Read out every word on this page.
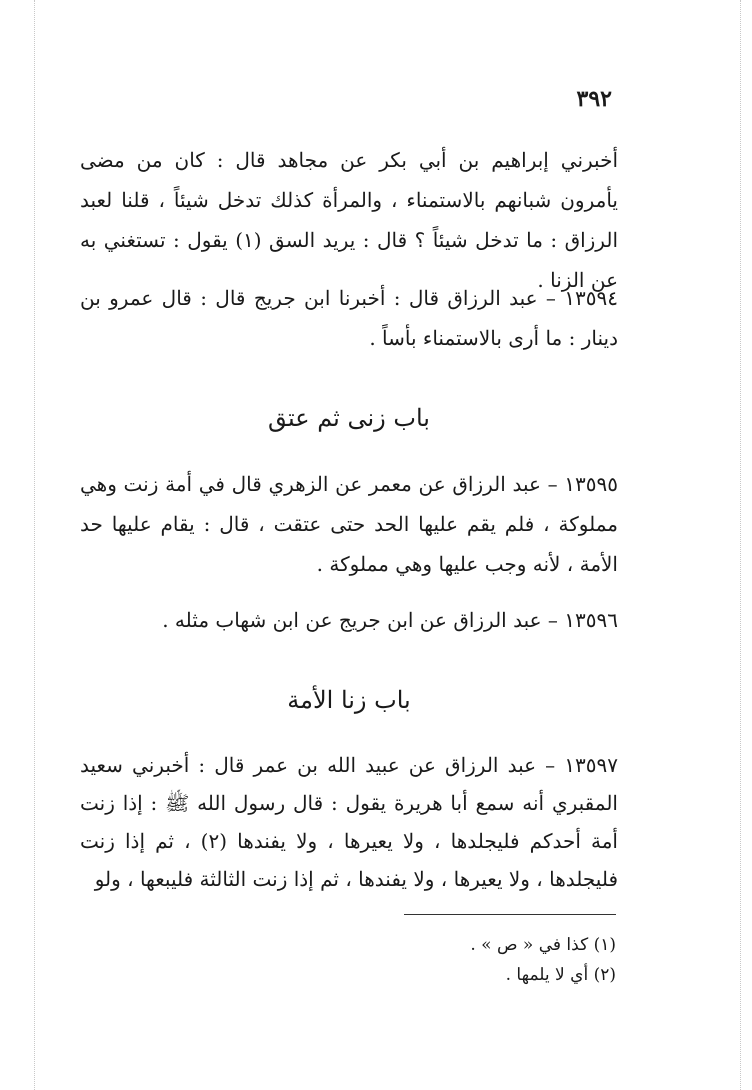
٣٩٢

أخبرني إبراهيم بن أبي بكر عن مجاهد قال : كان من مضى يأمرون شبانهم بالاستمناء ، والمرأة كذلك تدخل شيئاً ، قلنا لعبد الرزاق : ما تدخل شيئاً ؟ قال : يريد السق (١) يقول : تستغني به عن الزنا .

١٣٥٩٤ – عبد الرزاق قال : أخبرنا ابن جريج قال : قال عمرو بن دينار : ما أرى بالاستمناء بأساً .

باب زنى ثم عتق

١٣٥٩٥ – عبد الرزاق عن معمر عن الزهري قال في أمة زنت وهي مملوكة ، فلم يقم عليها الحد حتى عتقت ، قال : يقام عليها حد الأمة ، لأنه وجب عليها وهي مملوكة .

١٣٥٩٦ – عبد الرزاق عن ابن جريج عن ابن شهاب مثله .

باب زنا الأمة

١٣٥٩٧ – عبد الرزاق عن عبيد الله بن عمر قال : أخبرني سعيد المقبري أنه سمع أبا هريرة يقول : قال رسول الله ﷺ : إذا زنت أمة أحدكم فليجلدها ، ولا يعيرها ، ولا يفندها (٢) ، ثم إذا زنت فليجلدها ، ولا يعيرها ، ولا يفندها ، ثم إذا زنت الثالثة فليبعها ، ولو

(١) كذا في « ص » .
(٢) أي لا يلمها .
